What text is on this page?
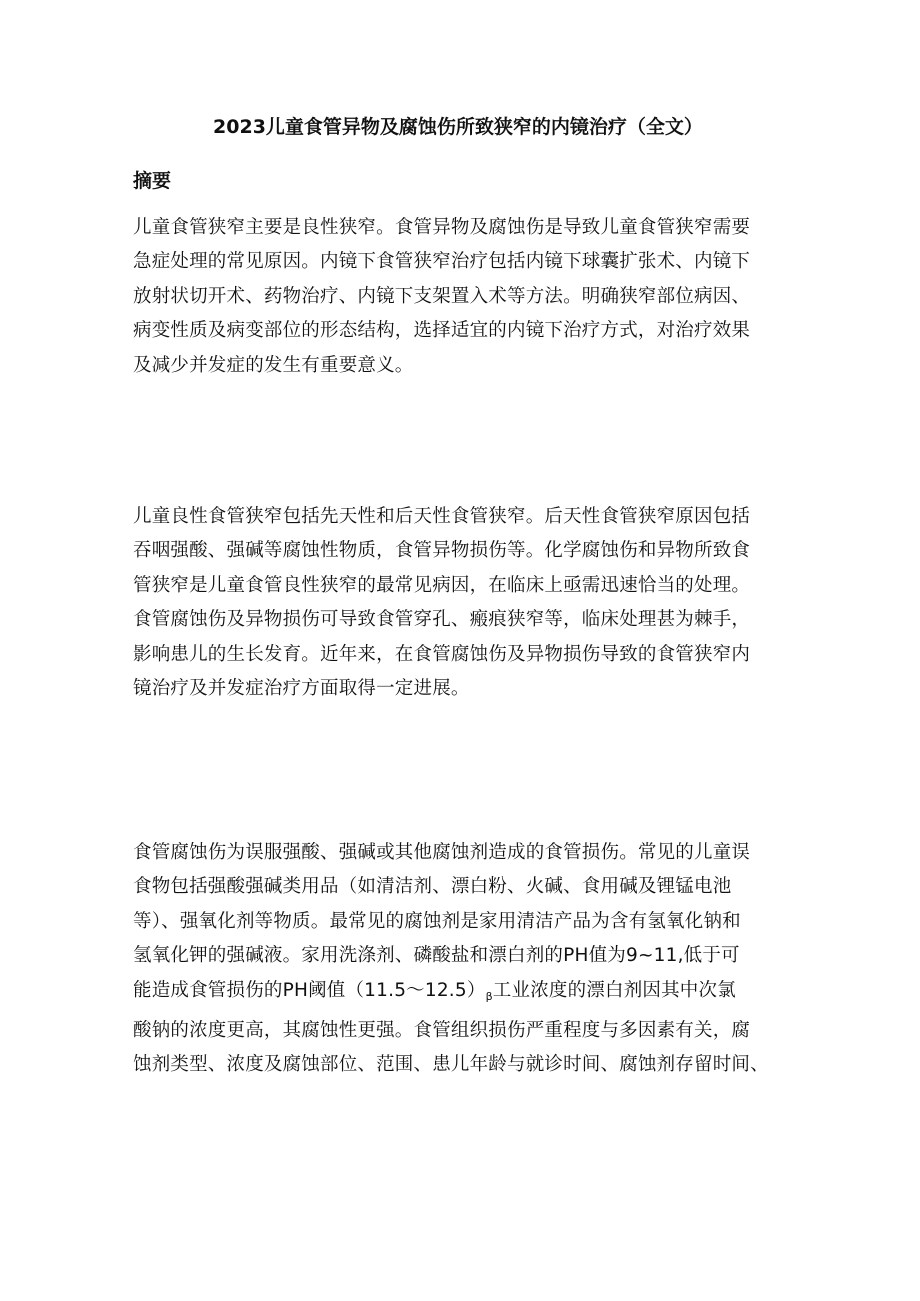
2023儿童食管异物及腐蚀伤所致狭窄的内镜治疗（全文）
摘要

儿童食管狭窄主要是良性狭窄。食管异物及腐蚀伤是导致儿童食管狭窄需要
急症处理的常见原因。内镜下食管狭窄治疗包括内镜下球囊扩张术、内镜下
放射状切开术、药物治疗、内镜下支架置入术等方法。明确狭窄部位病因、
病变性质及病变部位的形态结构，选择适宜的内镜下治疗方式，对治疗效果
及减少并发症的发生有重要意义。

儿童良性食管狭窄包括先天性和后天性食管狭窄。后天性食管狭窄原因包括
吞咽强酸、强碱等腐蚀性物质，食管异物损伤等。化学腐蚀伤和异物所致食
管狭窄是儿童食管良性狭窄的最常见病因，在临床上亟需迅速恰当的处理。
食管腐蚀伤及异物损伤可导致食管穿孔、瘢痕狭窄等，临床处理甚为棘手，
影响患儿的生长发育。近年来，在食管腐蚀伤及异物损伤导致的食管狭窄内
镜治疗及并发症治疗方面取得一定进展。

食管腐蚀伤为误服强酸、强碱或其他腐蚀剂造成的食管损伤。常见的儿童误
食物包括强酸强碱类用品（如清洁剂、漂白粉、火碱、食用碱及锂锰电池
等）、强氧化剂等物质。最常见的腐蚀剂是家用清洁产品为含有氢氧化钠和
氢氧化钾的强碱液。家用洗涤剂、磷酸盐和漂白剂的PH值为9~11,低于可
能造成食管损伤的PH阈值$(11.5\sim 12.5)_\beta$工业浓度的漂白剂因其中次氯
酸钠的浓度更高，其腐蚀性更强。食管组织损伤严重程度与多因素有关，腐
蚀剂类型、浓度及腐蚀部位、范围、患儿年龄与就诊时间、腐蚀剂存留时间、
